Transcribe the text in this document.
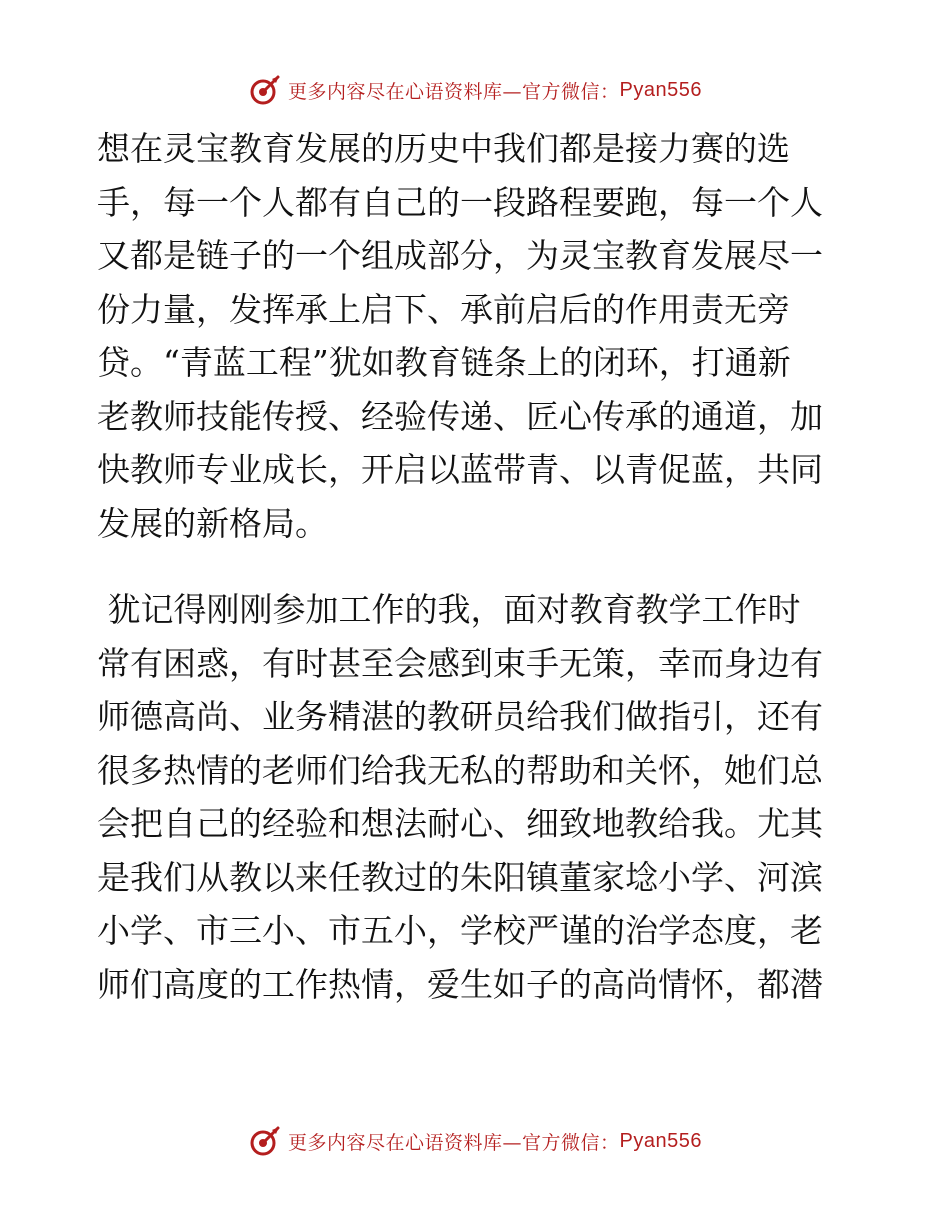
更多内容尽在心语资料库—官方微信： Pyan556
想在灵宝教育发展的历史中我们都是接力赛的选
手，每一个人都有自己的一段路程要跑，每一个人
又都是链子的一个组成部分，为灵宝教育发展尽一
份力量，发挥承上启下、承前启后的作用责无旁
贷。“青蓝工程”犹如教育链条上的闭环，打通新
老教师技能传授、经验传递、匠心传承的通道，加
快教师专业成长，开启以蓝带青、以青促蓝，共同
发展的新格局。
犹记得刚刚参加工作的我，面对教育教学工作时
常有困惑，有时甚至会感到束手无策，幸而身边有
师德高尚、业务精湛的教研员给我们做指引，还有
很多热情的老师们给我无私的帮助和关怀，她们总
会把自己的经验和想法耐心、细致地教给我。尤其
是我们从教以来任教过的朱阳镇董家埝小学、河滨
小学、市三小、市五小，学校严谨的治学态度，老
师们高度的工作热情，爱生如子的高尚情怀，都潜
更多内容尽在心语资料库—官方微信： Pyan556
